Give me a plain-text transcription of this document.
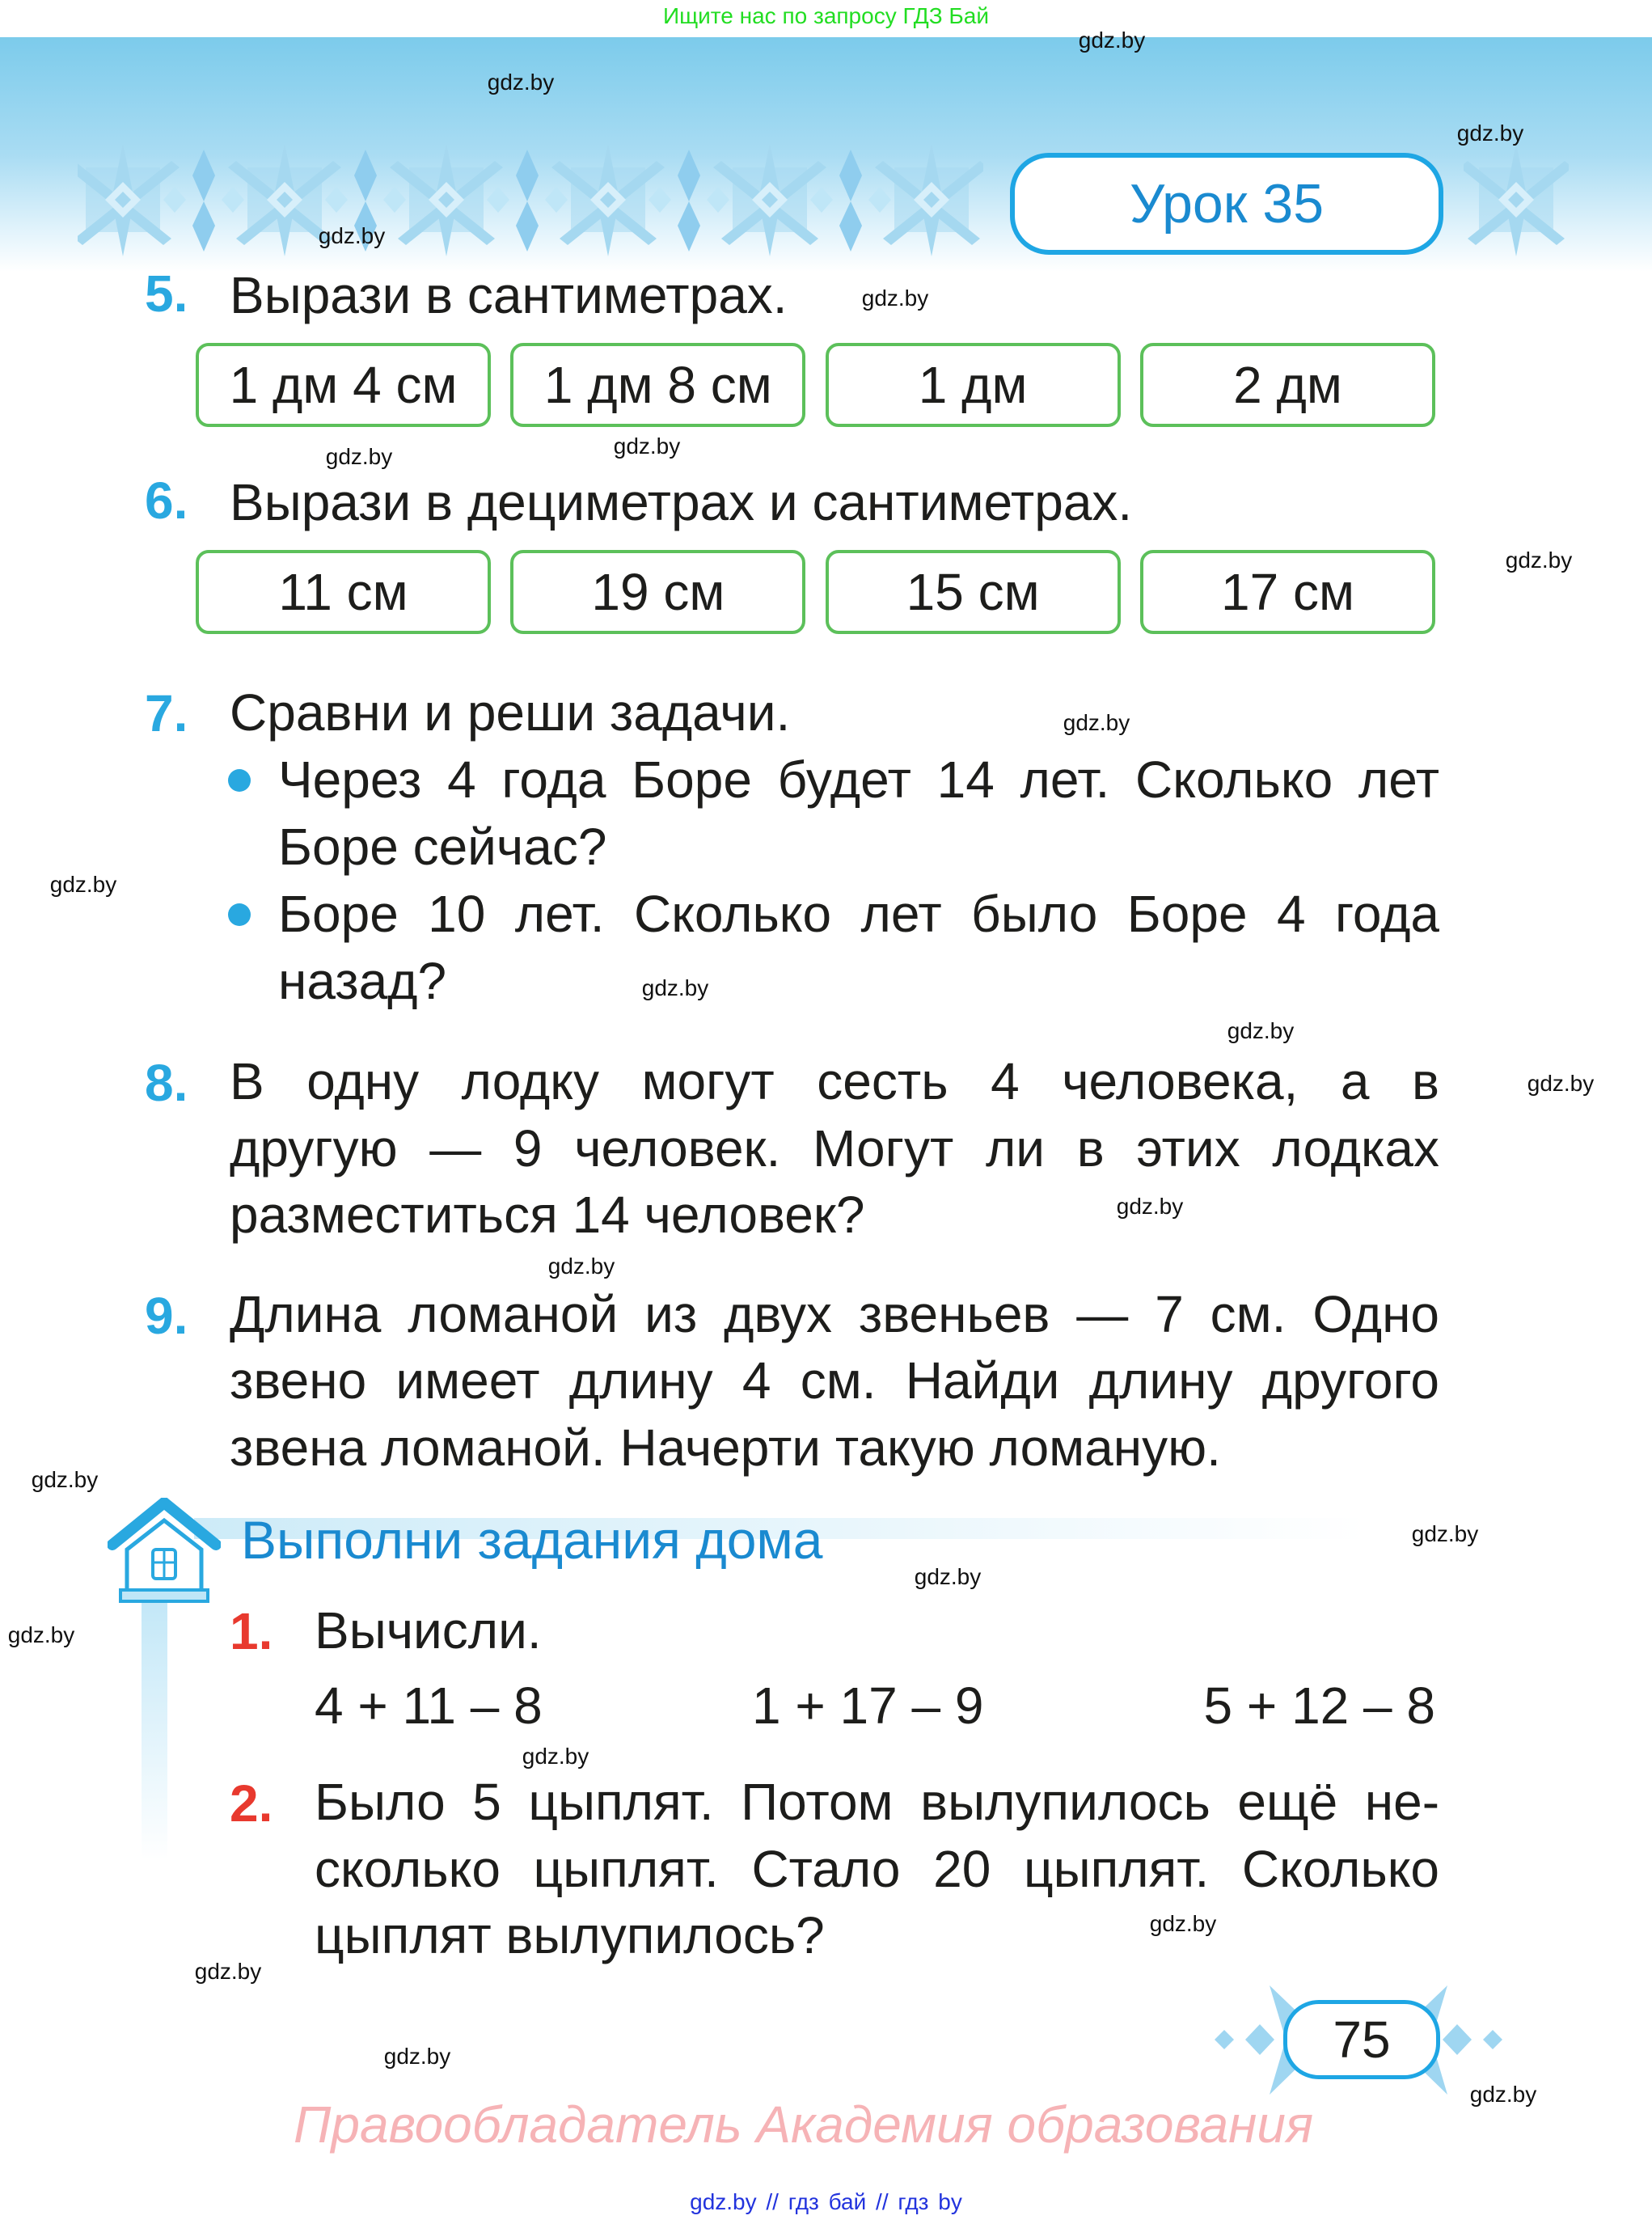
Ищите нас по запросу ГДЗ Бай
Урок 35
5. Вырази в сантиметрах.
1 дм 4 см	1 дм 8 см	1 дм	2 дм
6. Вырази в дециметрах и сантиметрах.
11 см	19 см	15 см	17 см
7. Сравни и реши задачи.
Через 4 года Боре будет 14 лет. Сколько лет
Боре сейчас?
Боре 10 лет. Сколько лет было Боре 4 года
назад?
8. В одну лодку могут сесть 4 человека, а в
другую — 9 человек. Могут ли в этих лодках
разместиться 14 человек?
9. Длина ломаной из двух звеньев — 7 см. Одно
звено имеет длину 4 см. Найди длину другого
звена ломаной. Начерти такую ломаную.
Выполни задания дома
1. Вычисли.
4 + 11 – 8	1 + 17 – 9	5 + 12 – 8
2. Было 5 цыплят. Потом вылупилось ещё не-
сколько цыплят. Стало 20 цыплят. Сколько
цыплят вылупилось?
75
Правообладатель Академия образования
gdz.by // гдз бай // гдз by
gdz.by
gdz.by
gdz.by
gdz.by
gdz.by
gdz.by
gdz.by
gdz.by
gdz.by
gdz.by
gdz.by
gdz.by
gdz.by
gdz.by
gdz.by
gdz.by
gdz.by
gdz.by
gdz.by
gdz.by
gdz.by
gdz.by
gdz.by
gdz.by
